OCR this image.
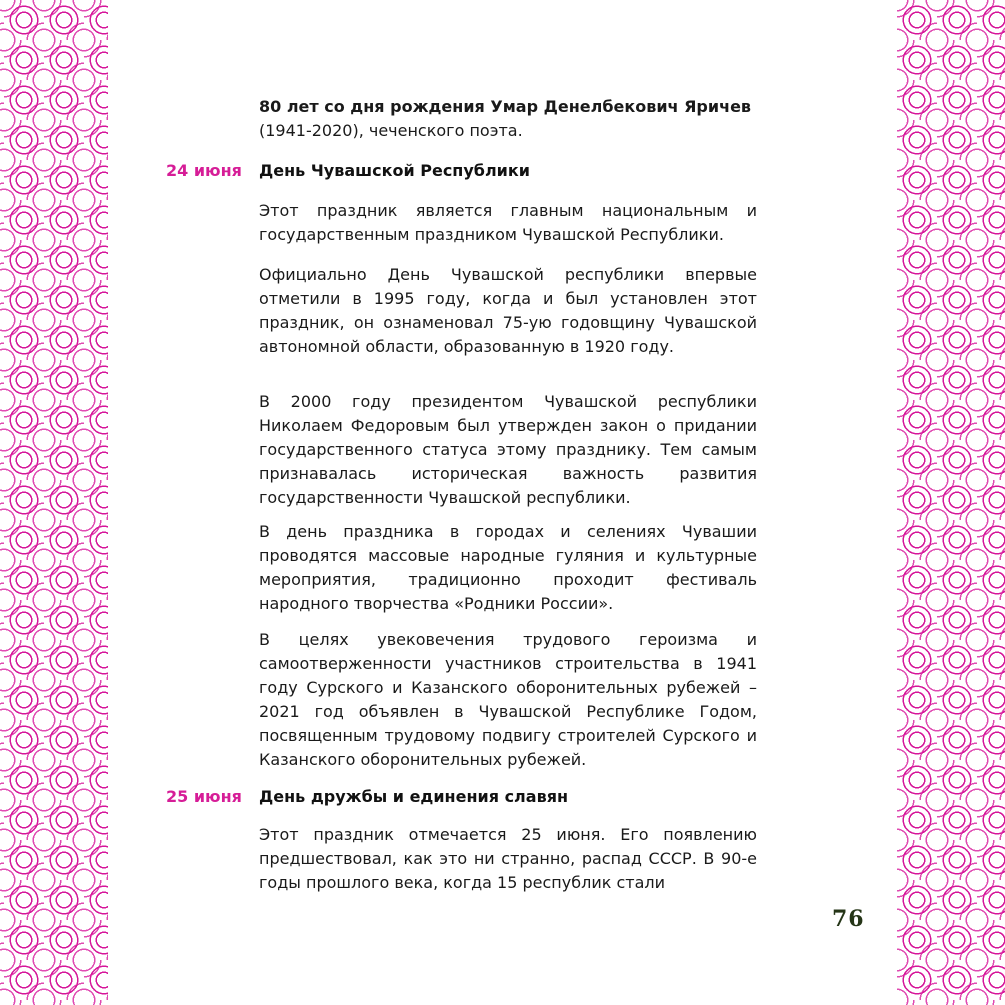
80 лет со дня рождения Умар Денелбекович Яричев
(1941-2020), чеченского поэта.

24 июня День Чувашской Республики

Этот праздник является главным национальным и государственным праздником Чувашской Республики.

Официально День Чувашской республики впервые отметили в 1995 году, когда и был установлен этот праздник, он ознаменовал 75-ую годовщину Чувашской автономной области, образованную в 1920 году.

В 2000 году президентом Чувашской республики Николаем Федоровым был утвержден закон о придании государственного статуса этому празднику. Тем самым признавалась историческая важность развития государственности Чувашской республики.

В день праздника в городах и селениях Чувашии проводятся массовые народные гуляния и культурные мероприятия, традиционно проходит фестиваль народного творчества «Родники России».

В целях увековечения трудового героизма и самоотверженности участников строительства в 1941 году Сурского и Казанского оборонительных рубежей – 2021 год объявлен в Чувашской Республике Годом, посвященным трудовому подвигу строителей Сурского и Казанского оборонительных рубежей.

25 июня День дружбы и единения славян

Этот праздник отмечается 25 июня. Его появлению предшествовал, как это ни странно, распад СССР. В 90-е годы прошлого века, когда 15 республик стали

76
